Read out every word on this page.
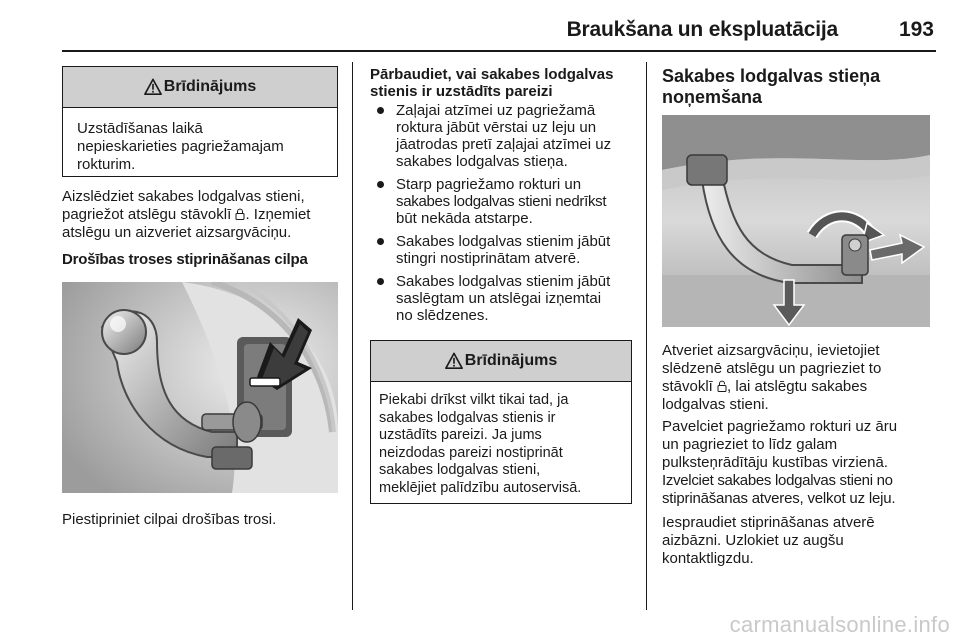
Braukšana un ekspluatācija	193
Brīdinājums
Uzstādīšanas laikā
nepieskarieties pagriežamajam
rokturim.
Aizslēdziet sakabes lodgalvas stieni,
pagriežot atslēgu stāvoklī . Izņemiet
atslēgu un aizveriet aizsargvāciņu.
Drošības troses stiprināšanas cilpa
Piestipriniet cilpai drošības trosi.
Pārbaudiet, vai sakabes lodgalvas
stienis ir uzstādīts pareizi
Zaļajai atzīmei uz pagriežamā
roktura jābūt vērstai uz leju un
jāatrodas pretī zaļajai atzīmei uz
sakabes lodgalvas stieņa.
Starp pagriežamo rokturi un
sakabes lodgalvas stieni nedrīkst
būt nekāda atstarpe.
Sakabes lodgalvas stienim jābūt
stingri nostiprinātam atverē.
Sakabes lodgalvas stienim jābūt
saslēgtam un atslēgai izņemtai
no slēdzenes.
Brīdinājums
Piekabi drīkst vilkt tikai tad, ja
sakabes lodgalvas stienis ir
uzstādīts pareizi. Ja jums
neizdodas pareizi nostiprināt
sakabes lodgalvas stieni,
meklējiet palīdzību autoservisā.
Sakabes lodgalvas stieņa
noņemšana
Atveriet aizsargvāciņu, ievietojiet
slēdzenē atslēgu un pagrieziet to
stāvoklī , lai atslēgtu sakabes
lodgalvas stieni.
Pavelciet pagriežamo rokturi uz āru
un pagrieziet to līdz galam
pulksteņrādītāju kustības virzienā.
Izvelciet sakabes lodgalvas stieni no
stiprināšanas atveres, velkot uz leju.
Iespraudiet stiprināšanas atverē
aizbāzni. Uzlokiet uz augšu
kontaktligzdu.
carmanualsonline.info
